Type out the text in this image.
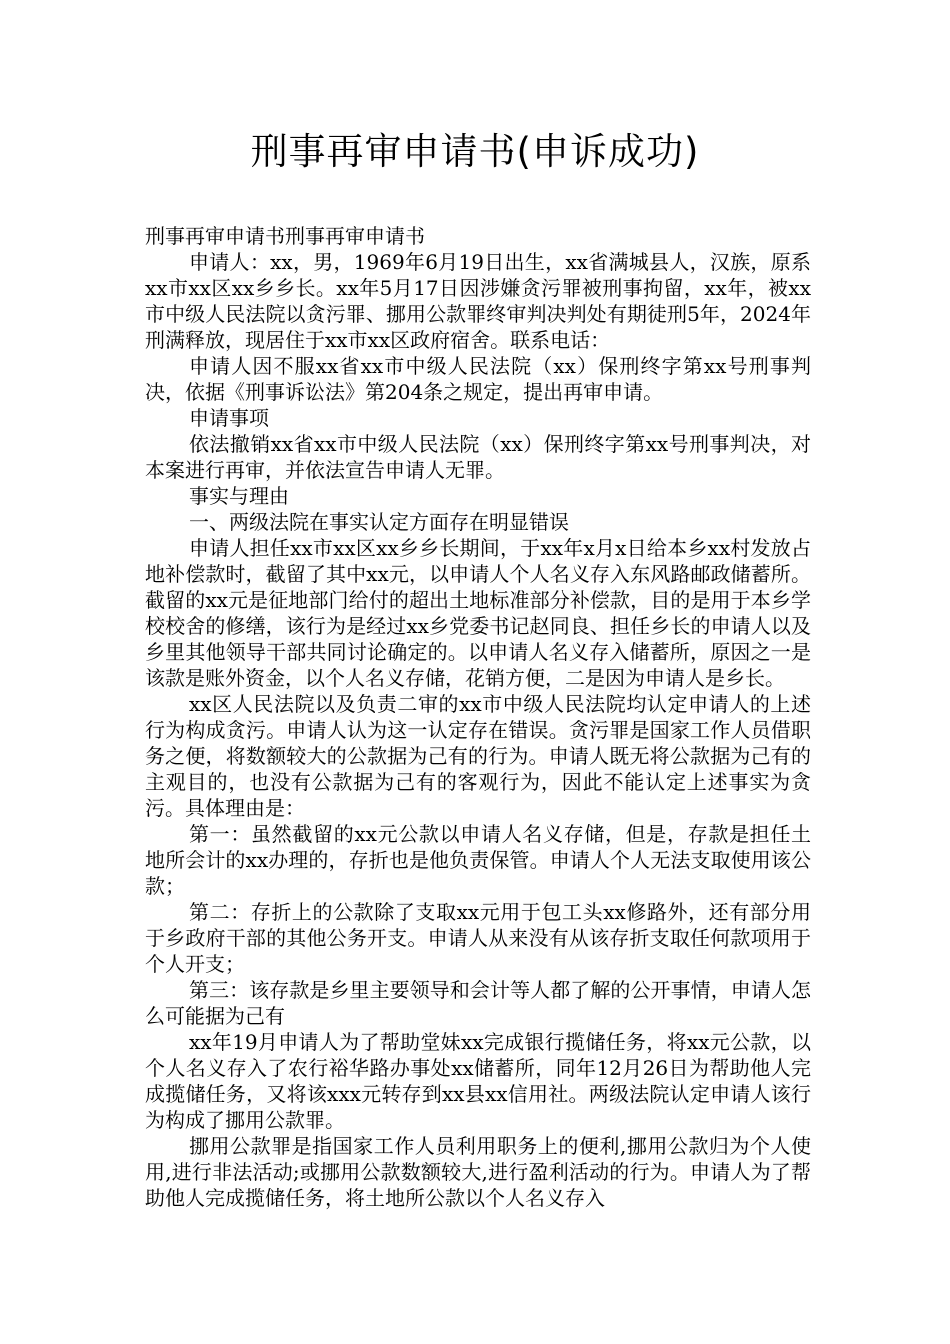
刑事再审申请书(申诉成功)

刑事再审申请书刑事再审申请书

申请人：xx，男，1969年6月19日出生，xx省满城县人，汉族，原系xx市xx区xx乡乡长。xx年5月17日因涉嫌贪污罪被刑事拘留，xx年，被xx市中级人民法院以贪污罪、挪用公款罪终审判决判处有期徒刑5年，2024年刑满释放，现居住于xx市xx区政府宿舍。联系电话：

申请人因不服xx省xx市中级人民法院（xx）保刑终字第xx号刑事判决，依据《刑事诉讼法》第204条之规定，提出再审申请。

申请事项

依法撤销xx省xx市中级人民法院（xx）保刑终字第xx号刑事判决，对本案进行再审，并依法宣告申请人无罪。

事实与理由

一、两级法院在事实认定方面存在明显错误

申请人担任xx市xx区xx乡乡长期间，于xx年x月x日给本乡xx村发放占地补偿款时，截留了其中xx元，以申请人个人名义存入东风路邮政储蓄所。截留的xx元是征地部门给付的超出土地标准部分补偿款，目的是用于本乡学校校舍的修缮，该行为是经过xx乡党委书记赵同良、担任乡长的申请人以及乡里其他领导干部共同讨论确定的。以申请人名义存入储蓄所，原因之一是该款是账外资金，以个人名义存储，花销方便，二是因为申请人是乡长。

xx区人民法院以及负责二审的xx市中级人民法院均认定申请人的上述行为构成贪污。申请人认为这一认定存在错误。贪污罪是国家工作人员借职务之便，将数额较大的公款据为己有的行为。申请人既无将公款据为己有的主观目的，也没有公款据为己有的客观行为，因此不能认定上述事实为贪污。具体理由是：

第一：虽然截留的xx元公款以申请人名义存储，但是，存款是担任土地所会计的xx办理的，存折也是他负责保管。申请人个人无法支取使用该公款；

第二：存折上的公款除了支取xx元用于包工头xx修路外，还有部分用于乡政府干部的其他公务开支。申请人从来没有从该存折支取任何款项用于个人开支；

第三：该存款是乡里主要领导和会计等人都了解的公开事情，申请人怎么可能据为己有

xx年19月申请人为了帮助堂妹xx完成银行揽储任务，将xx元公款，以个人名义存入了农行裕华路办事处xx储蓄所，同年12月26日为帮助他人完成揽储任务，又将该xxx元转存到xx县xx信用社。两级法院认定申请人该行为构成了挪用公款罪。

挪用公款罪是指国家工作人员利用职务上的便利,挪用公款归为个人使用,进行非法活动;或挪用公款数额较大,进行盈利活动的行为。申请人为了帮助他人完成揽储任务，将土地所公款以个人名义存入
